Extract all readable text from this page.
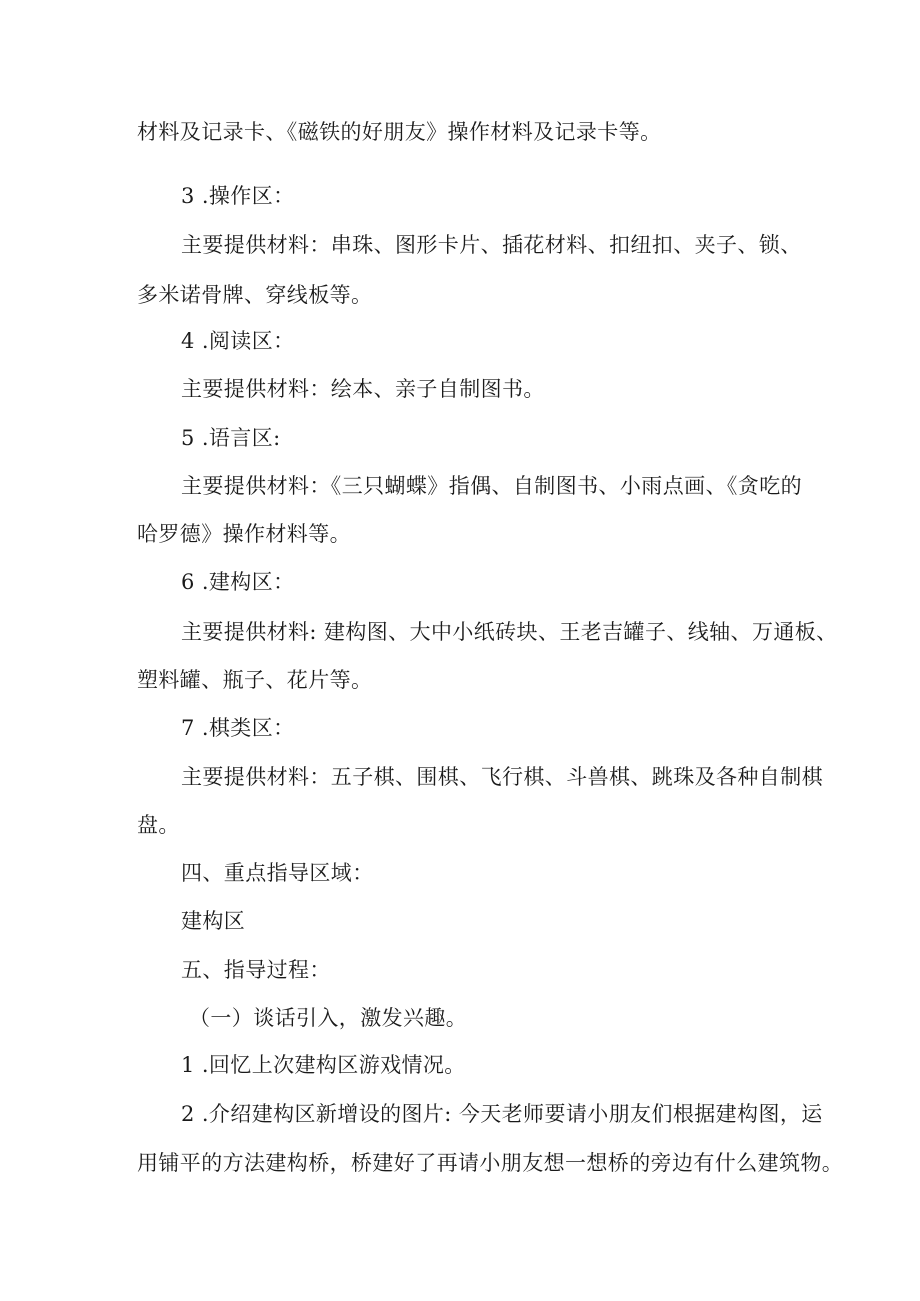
材料及记录卡、《磁铁的好朋友》操作材料及记录卡等。
3 .操作区：
主要提供材料：串珠、图形卡片、插花材料、扣纽扣、夹子、锁、
多米诺骨牌、穿线板等。
4 .阅读区：
主要提供材料：绘本、亲子自制图书。
5 .语言区:
主要提供材料：《三只蝴蝶》指偶、自制图书、小雨点画、《贪吃的
哈罗德》操作材料等。
6 .建构区：
主要提供材料: 建构图、大中小纸砖块、王老吉罐子、线轴、万通板、
塑料罐、瓶子、花片等。
7 .棋类区：
主要提供材料：五子棋、围棋、飞行棋、斗兽棋、跳珠及各种自制棋
盘。
四、重点指导区域：
建构区
五、指导过程：
（一）谈话引入，激发兴趣。
1 .回忆上次建构区游戏情况。
2 .介绍建构区新增设的图片: 今天老师要请小朋友们根据建构图，运
用铺平的方法建构桥，桥建好了再请小朋友想一想桥的旁边有什么建筑物。
